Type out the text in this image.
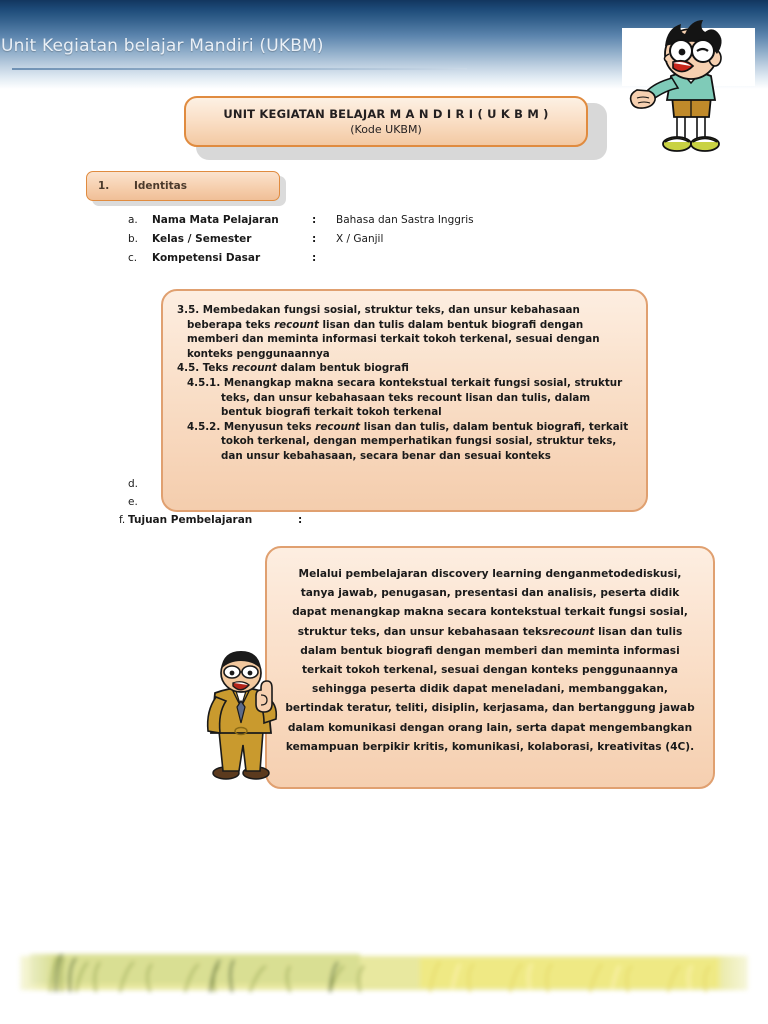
Unit Kegiatan belajar Mandiri (UKBM)
UNIT KEGIATAN BELAJAR M A N D I R I ( U K B M )
(Kode UKBM)
1.	Identitas
a.	Nama Mata Pelajaran	:	Bahasa dan Sastra Inggris
b.	Kelas / Semester	:	X / Ganjil
c.	Kompetensi Dasar	:
3.5. Membedakan fungsi sosial, struktur teks, dan unsur kebahasaan beberapa teks recount lisan dan tulis dalam bentuk biografi dengan memberi dan meminta informasi terkait tokoh terkenal, sesuai dengan konteks penggunaannya
4.5. Teks recount dalam bentuk biografi
4.5.1. Menangkap makna secara kontekstual terkait fungsi sosial, struktur teks, dan unsur kebahasaan teks recount lisan dan tulis, dalam bentuk biografi terkait tokoh terkenal
4.5.2. Menyusun teks recount lisan dan tulis, dalam bentuk biografi, terkait tokoh terkenal, dengan memperhatikan fungsi sosial, struktur teks, dan unsur kebahasaan, secara benar dan sesuai konteks
d.
e.
f. Tujuan Pembelajaran	:
Melalui pembelajaran discovery learning denganmetodediskusi, tanya jawab, penugasan, presentasi dan analisis, peserta didik dapat menangkap makna secara kontekstual terkait fungsi sosial, struktur teks, dan unsur kebahasaan teksrecount lisan dan tulis dalam bentuk biografi dengan memberi dan meminta informasi terkait tokoh terkenal, sesuai dengan konteks penggunaannya sehingga peserta didik dapat meneladani, membanggakan, bertindak teratur, teliti, disiplin, kerjasama, dan bertanggung jawab dalam komunikasi dengan orang lain, serta dapat mengembangkan kemampuan berpikir kritis, komunikasi, kolaborasi, kreativitas (4C).
